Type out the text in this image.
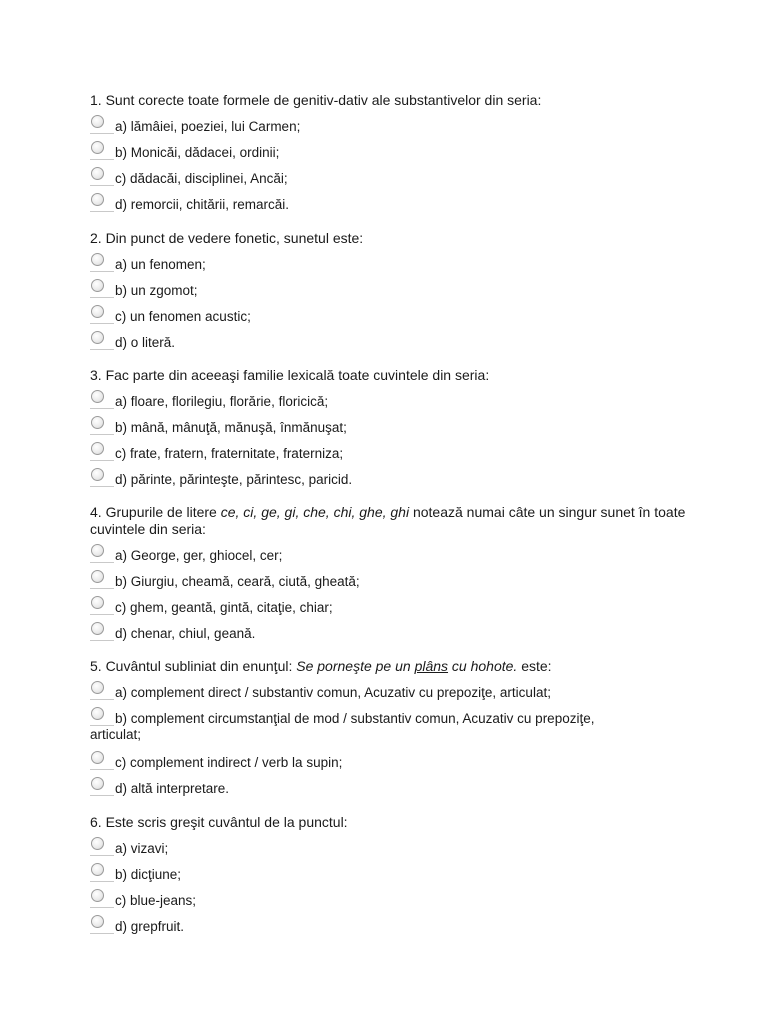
1. Sunt corecte toate formele de genitiv-dativ ale substantivelor din seria:
a) lămâiei, poeziei, lui Carmen;
b) Monicăi, dădacei, ordinii;
c) dădacăi, disciplinei, Ancăi;
d) remorcii, chitării, remarcăi.
2. Din punct de vedere fonetic, sunetul este:
a) un fenomen;
b) un zgomot;
c) un fenomen acustic;
d) o literă.
3. Fac parte din aceeaşi familie lexicală toate cuvintele din seria:
a) floare, florilegiu, florărie, floricică;
b) mână, mânuţă, mănuşă, înmănuşat;
c) frate, fratern, fraternitate, fraterniza;
d) părinte, părinteşte, părintesc, paricid.
4. Grupurile de litere ce, ci, ge, gi, che, chi, ghe, ghi notează numai câte un singur sunet în toate cuvintele din seria:
a) George, ger, ghiocel, cer;
b) Giurgiu, cheamă, ceară, ciută, gheată;
c) ghem, geantă, gintă, citaţie, chiar;
d) chenar, chiul, geană.
5. Cuvântul subliniat din enunţul: Se porneşte pe un plâns cu hohote. este:
a) complement direct / substantiv comun, Acuzativ cu prepoziţe, articulat;
b) complement circumstanţial de mod / substantiv comun, Acuzativ cu prepoziţe,
articulat;
c) complement indirect / verb la supin;
d) altă interpretare.
6. Este scris greşit cuvântul de la punctul:
a) vizavi;
b) dicţiune;
c) blue-jeans;
d) grepfruit.
